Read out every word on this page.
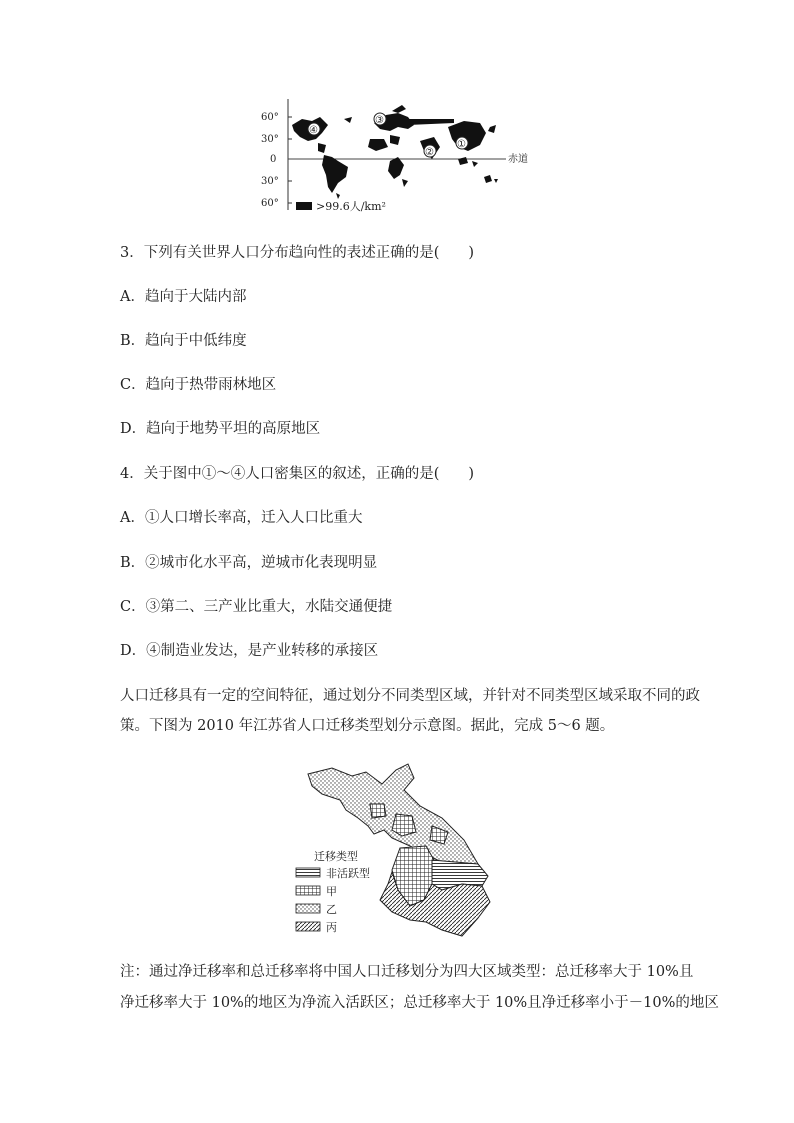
60°
30°
0
30°
60°
赤道
③
④
②
①
>99.6人/km²
3．下列有关世界人口分布趋向性的表述正确的是(　　)
A．趋向于大陆内部
B．趋向于中低纬度
C．趋向于热带雨林地区
D．趋向于地势平坦的高原地区
4．关于图中①～④人口密集区的叙述，正确的是(　　)
A．①人口增长率高，迁入人口比重大
B．②城市化水平高，逆城市化表现明显
C．③第二、三产业比重大，水陆交通便捷
D．④制造业发达，是产业转移的承接区
人口迁移具有一定的空间特征，通过划分不同类型区域，并针对不同类型区域采取不同的政
策。下图为 2010 年江苏省人口迁移类型划分示意图。据此，完成 5～6 题。
迁移类型
非活跃型
甲
乙
丙
注：通过净迁移率和总迁移率将中国人口迁移划分为四大区域类型：总迁移率大于 10%且
净迁移率大于 10%的地区为净流入活跃区；总迁移率大于 10%且净迁移率小于－10%的地区
